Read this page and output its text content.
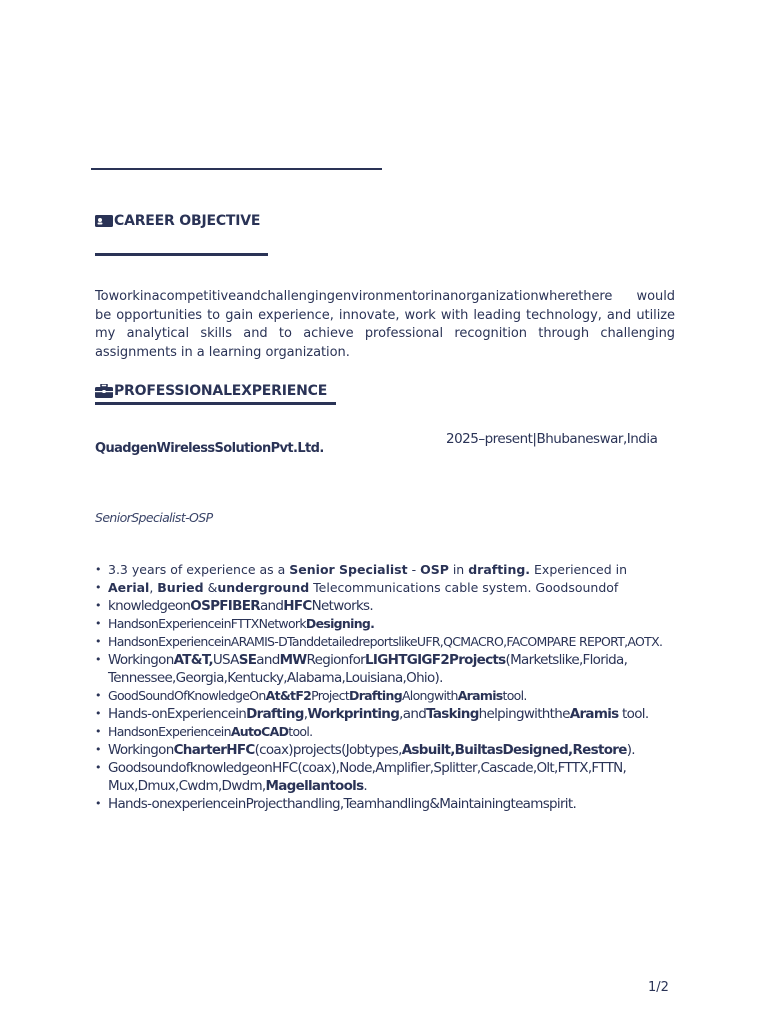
CAREER OBJECTIVE
Toworkinacompetitiveandchallengingenvironmentorinanorganizationwherethere would be opportunities to gain experience, innovate, work with leading technology, and utilize my analytical skills and to achieve professional recognition through challenging assignments in a learning organization.
PROFESSIONALEXPERIENCE
QuadgenWirelessSolutionPvt.Ltd.
2025–present|Bhubaneswar,India
SeniorSpecialist-OSP
• 3.3 years of experience as a Senior Specialist - OSP in drafting. Experienced in
• Aerial, Buried &underground Telecommunications cable system. Goodsoundof
• knowledgeonOSPFIBERandHFCNetworks.
• HandsonExperienceinFTTXNetworkDesigning.
• HandsonExperienceinARAMIS-DTanddetailedreportslikeUFR,QCMACRO,FACOMPARE REPORT,AOTX.
• WorkingonAT&T,USASEandMWRegionforLIGHTGIGF2Projects(Marketslike,Florida, Tennessee,Georgia,Kentucky,Alabama,Louisiana,Ohio).
• GoodSoundOfKnowledgeOnAt&tF2ProjectDraftingAlongwithAramistool.
• Hands-onExperienceinDrafting,Workprinting,andTaskinghelpingwiththeAramis tool.
• HandsonExperienceinAutoCADtool.
• WorkingonCharterHFC(coax)projects(Jobtypes,Asbuilt,BuiltasDesigned,Restore).
• GoodsoundofknowledgeonHFC(coax),Node,Amplifier,Splitter,Cascade,Olt,FTTX,FTTN, Mux,Dmux,Cwdm,Dwdm,Magellantools.
• Hands-onexperienceinProjecthandling,Teamhandling&Maintainingteamspirit.
1/2
